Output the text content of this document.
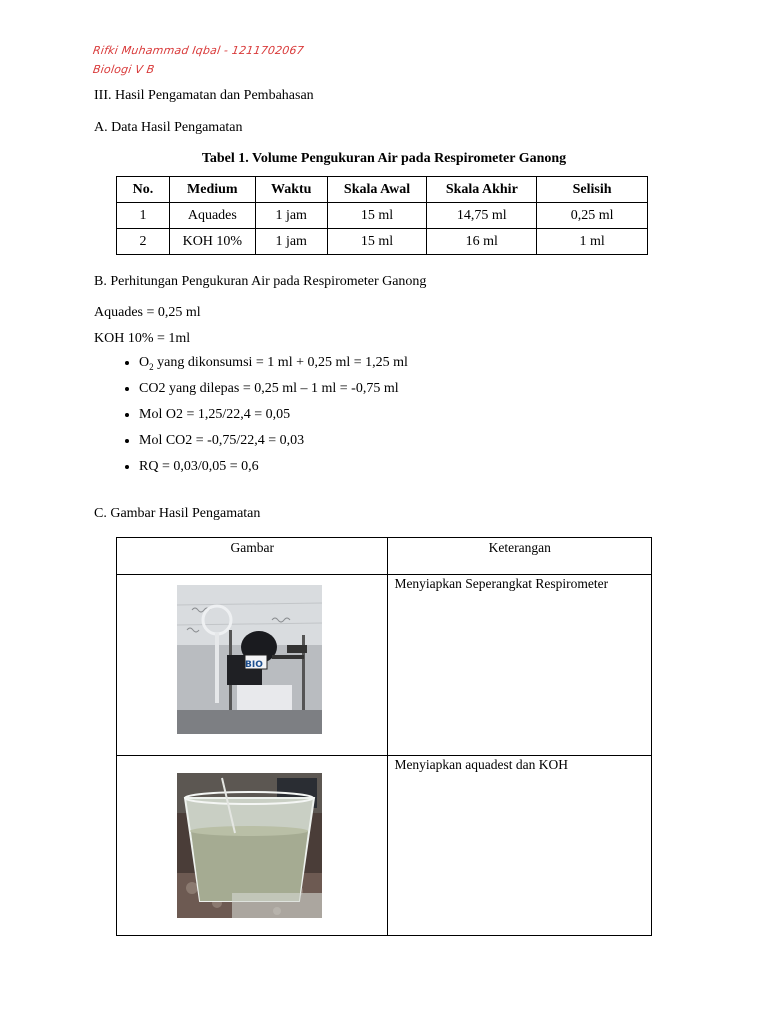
Rifki Muhammad Iqbal - 1211702067
Biologi V B
III. Hasil Pengamatan dan Pembahasan
A. Data Hasil Pengamatan
Tabel 1. Volume Pengukuran Air pada Respirometer Ganong
No.	Medium	Waktu	Skala Awal	Skala Akhir	Selisih
1	Aquades	1 jam	15 ml	14,75 ml	0,25 ml
2	KOH 10%	1 jam	15 ml	16 ml	1 ml
B. Perhitungan Pengukuran Air pada Respirometer Ganong
Aquades = 0,25 ml
KOH 10% = 1ml
• $O_2$ yang dikonsumsi = 1 ml + 0,25 ml = 1,25 ml
• CO2 yang dilepas = 0,25 ml – 1 ml = -0,75 ml
• Mol O2 = 1,25/22,4 = 0,05
• Mol CO2 = -0,75/22,4 = 0,03
• RQ = 0,03/0,05 = 0,6
C. Gambar Hasil Pengamatan
Gambar	Keterangan

BIO	Menyiapkan Seperangkat Respirometer

	Menyiapkan aquadest dan KOH
